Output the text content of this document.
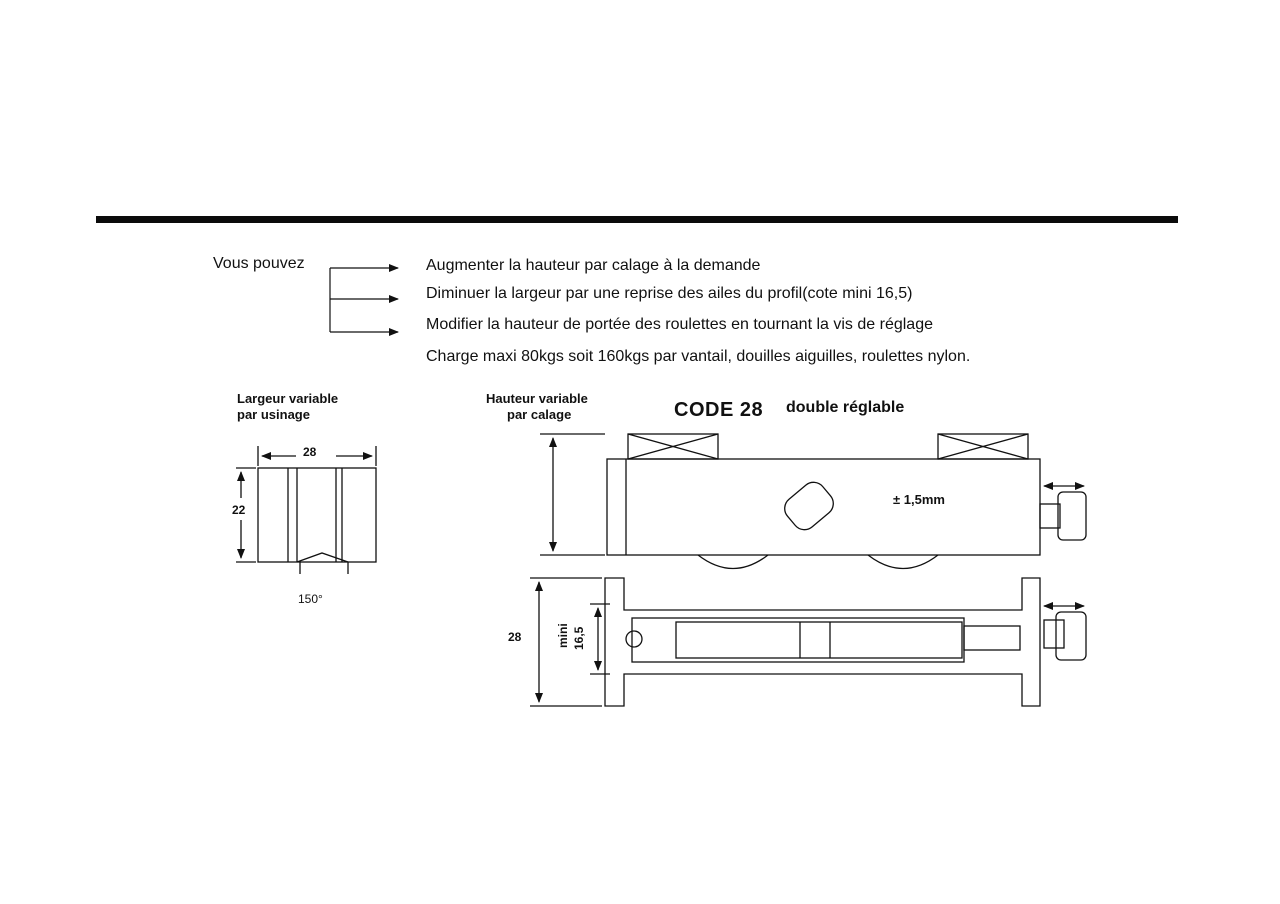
Vous pouvez	Augmenter la hauteur par calage à la demande
Diminuer la largeur par une reprise des ailes du profil(cote mini 16,5)
Modifier la hauteur de portée des roulettes en tournant la vis de réglage
Charge maxi 80kgs soit 160kgs par vantail, douilles aiguilles, roulettes nylon.
Largeur variable
par usinage
28
22
150°
Hauteur variable
par calage	CODE 28 double réglable
± 1,5mm
28	mini 16,5
